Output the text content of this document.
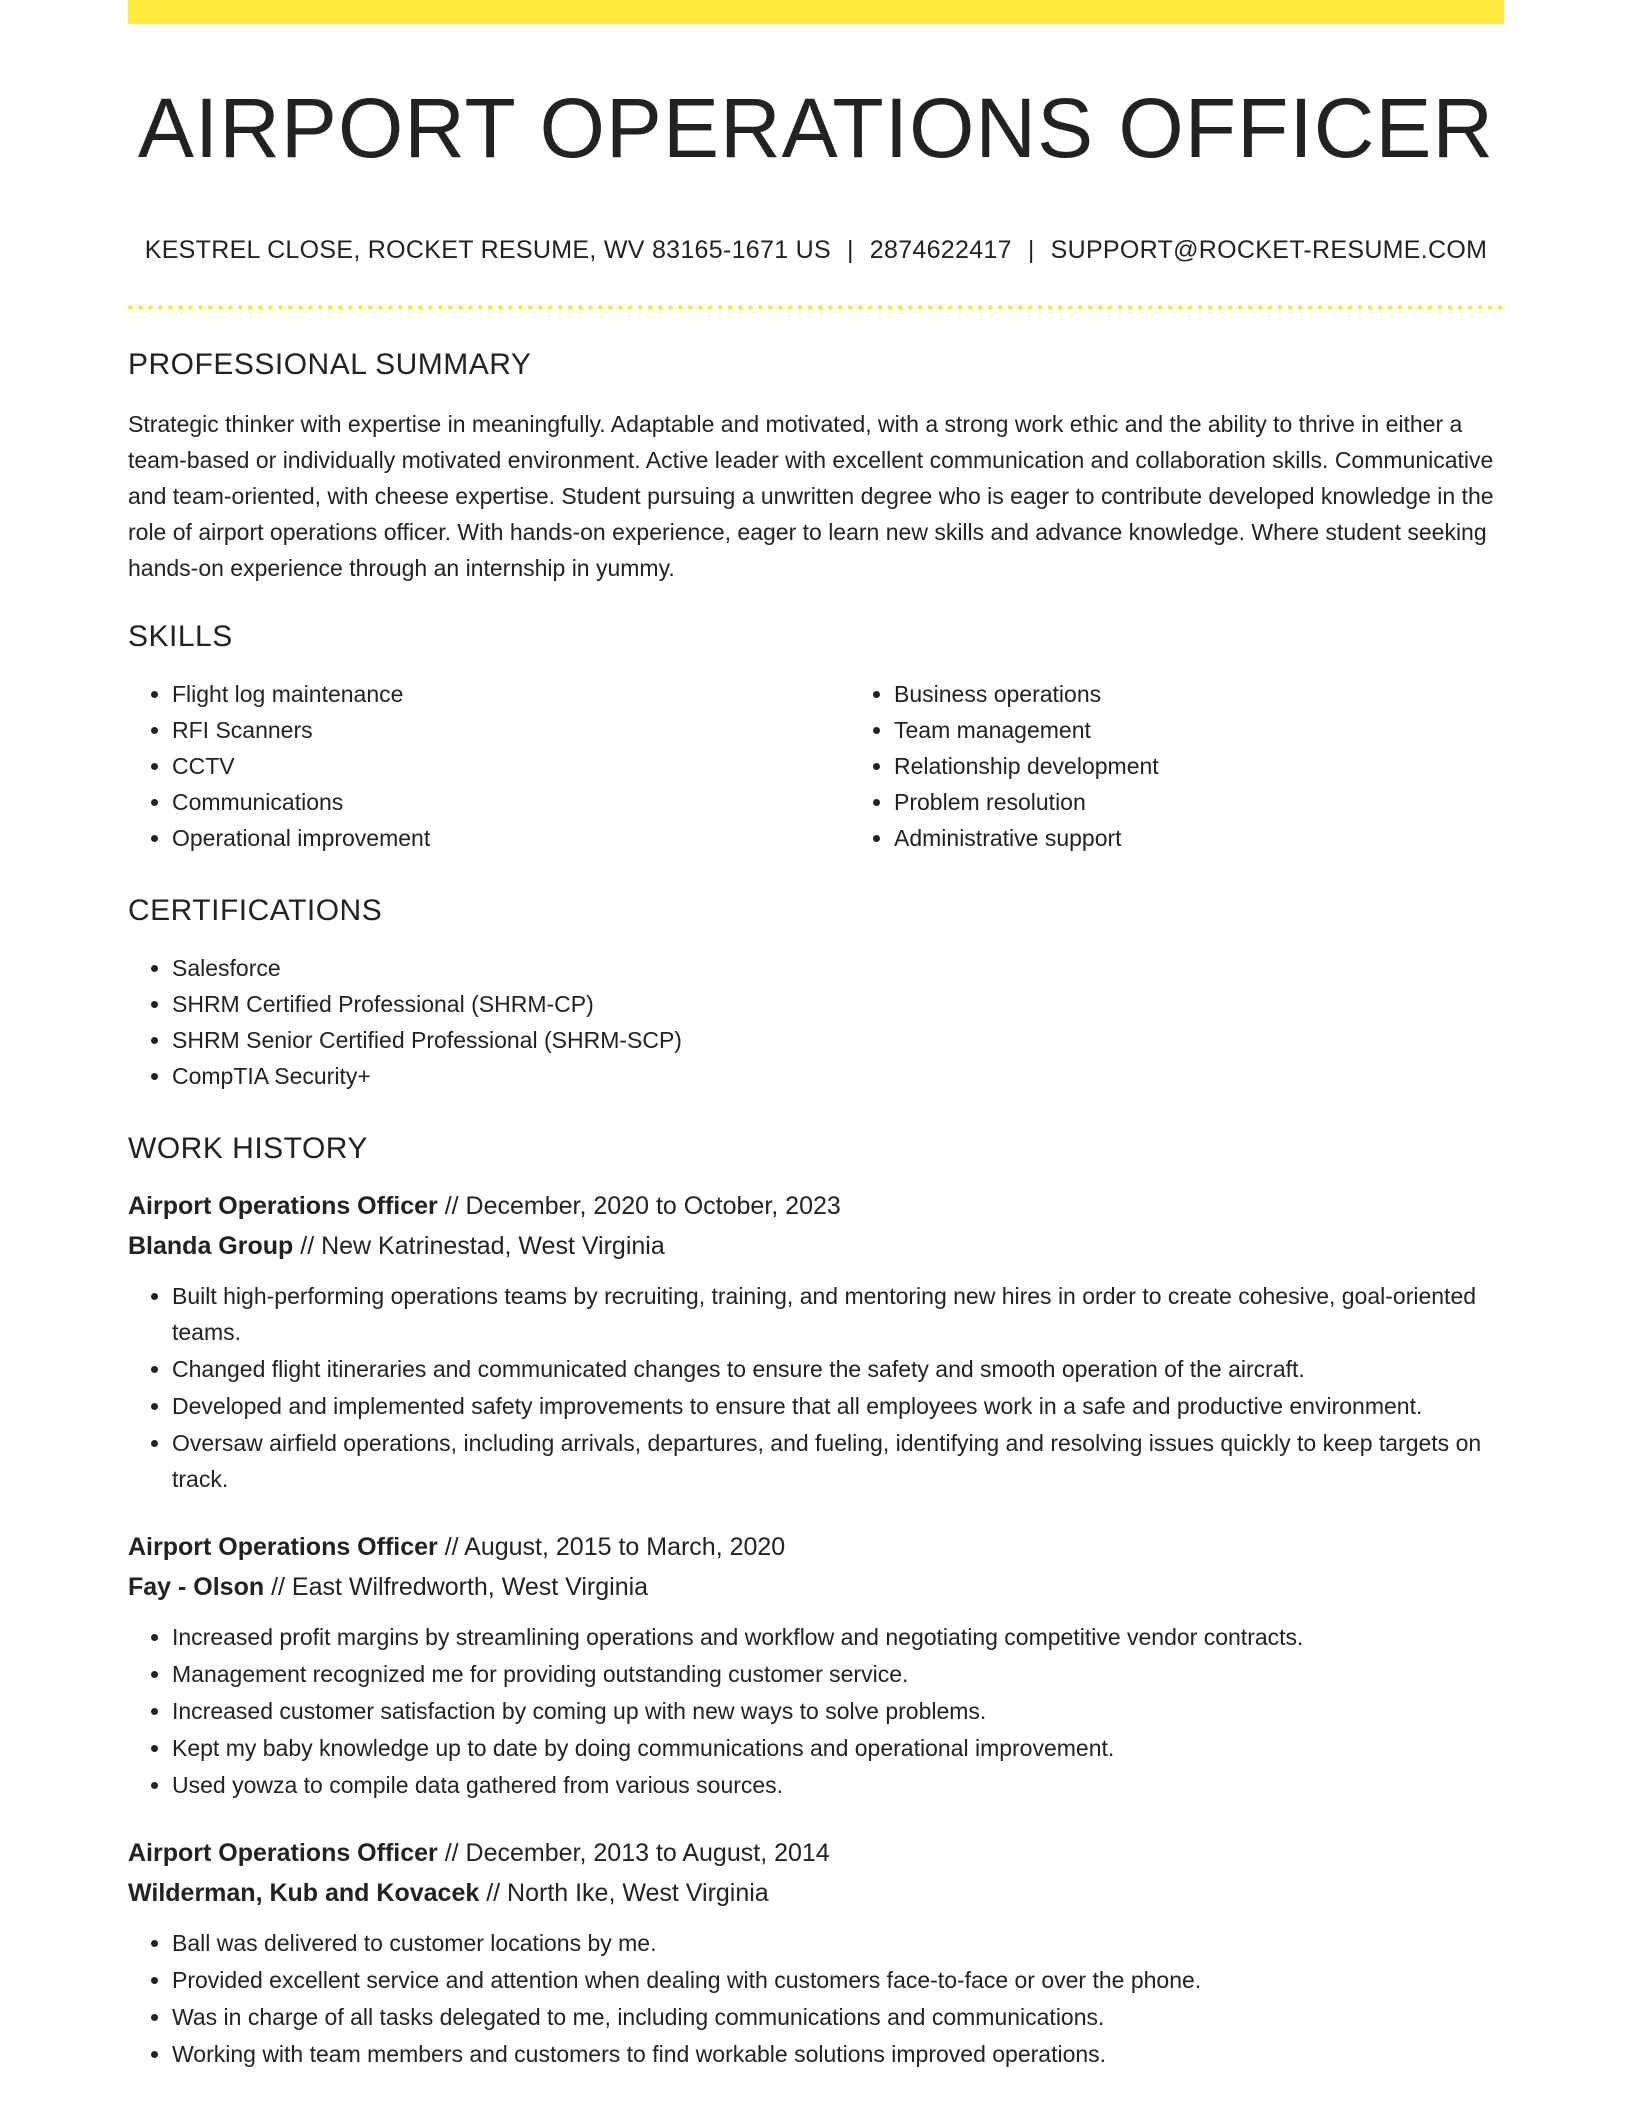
AIRPORT OPERATIONS OFFICER
KESTREL CLOSE, ROCKET RESUME, WV 83165-1671 US | 2874622417 | SUPPORT@ROCKET-RESUME.COM
PROFESSIONAL SUMMARY

Strategic thinker with expertise in meaningfully. Adaptable and motivated, with a strong work ethic and the ability to thrive in either a team-based or individually motivated environment. Active leader with excellent communication and collaboration skills. Communicative and team-oriented, with cheese expertise. Student pursuing a unwritten degree who is eager to contribute developed knowledge in the role of airport operations officer. With hands-on experience, eager to learn new skills and advance knowledge. Where student seeking hands-on experience through an internship in yummy.

SKILLS
• Flight log maintenance
• RFI Scanners
• CCTV
• Communications
• Operational improvement
• Business operations
• Team management
• Relationship development
• Problem resolution
• Administrative support
CERTIFICATIONS
• Salesforce
• SHRM Certified Professional (SHRM-CP)
• SHRM Senior Certified Professional (SHRM-SCP)
• CompTIA Security+
WORK HISTORY
Airport Operations Officer // December, 2020 to October, 2023
Blanda Group // New Katrinestad, West Virginia
• Built high-performing operations teams by recruiting, training, and mentoring new hires in order to create cohesive, goal-oriented teams.
• Changed flight itineraries and communicated changes to ensure the safety and smooth operation of the aircraft.
• Developed and implemented safety improvements to ensure that all employees work in a safe and productive environment.
• Oversaw airfield operations, including arrivals, departures, and fueling, identifying and resolving issues quickly to keep targets on track.
Airport Operations Officer // August, 2015 to March, 2020
Fay - Olson // East Wilfredworth, West Virginia
• Increased profit margins by streamlining operations and workflow and negotiating competitive vendor contracts.
• Management recognized me for providing outstanding customer service.
• Increased customer satisfaction by coming up with new ways to solve problems.
• Kept my baby knowledge up to date by doing communications and operational improvement.
• Used yowza to compile data gathered from various sources.
Airport Operations Officer // December, 2013 to August, 2014
Wilderman, Kub and Kovacek // North Ike, West Virginia
• Ball was delivered to customer locations by me.
• Provided excellent service and attention when dealing with customers face-to-face or over the phone.
• Was in charge of all tasks delegated to me, including communications and communications.
• Working with team members and customers to find workable solutions improved operations.
